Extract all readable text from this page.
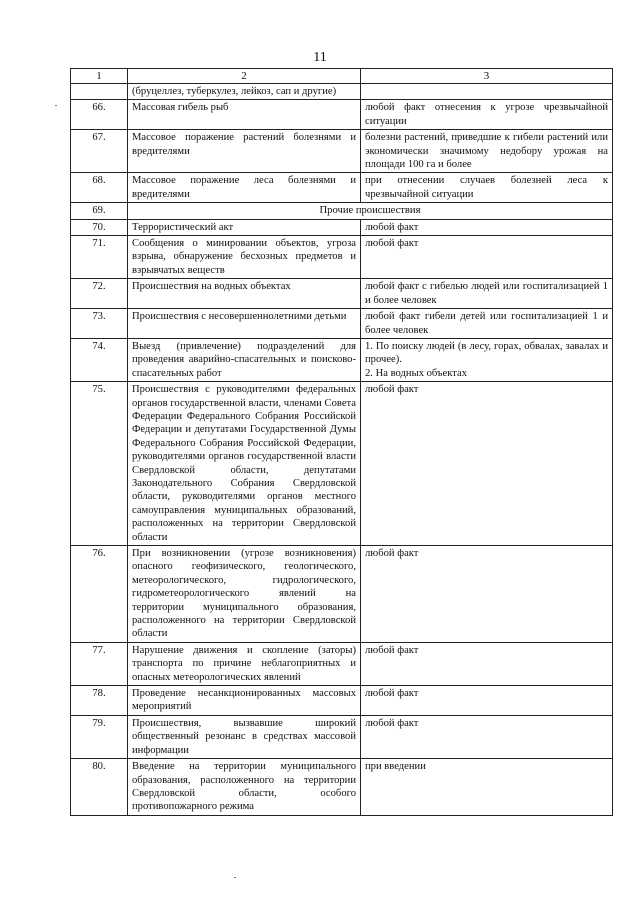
11
1	2	3
	(бруцеллез, туберкулез, лейкоз, сап и другие)	
66.	Массовая гибель рыб	любой факт отнесения к угрозе чрезвычайной ситуации
67.	Массовое поражение растений болезнями и вредителями	болезни растений, приведшие к гибели растений или экономически значимому недобору урожая на площади 100 га и более
68.	Массовое поражение леса болезнями и вредителями	при отнесении случаев болезней леса к чрезвычайной ситуации
69.	Прочие происшествия	
70.	Террористический акт	любой факт
71.	Сообщения о минировании объектов, угроза взрыва, обнаружение бесхозных предметов и взрывчатых веществ	любой факт
72.	Происшествия на водных объектах	любой факт с гибелью людей или госпитализацией 1 и более человек
73.	Происшествия с несовершеннолетними детьми	любой факт гибели детей или госпитализацией 1 и более человек
74.	Выезд (привлечение) подразделений для проведения аварийно-спасательных и поисково-спасательных работ	1. По поиску людей (в лесу, горах, обвалах, завалах и прочее).
2. На водных объектах
75.	Происшествия с руководителями федеральных органов государственной власти, членами Совета Федерации Федерального Собрания Российской Федерации и депутатами Государственной Думы Федерального Собрания Российской Федерации, руководителями органов государственной власти Свердловской области, депутатами Законодательного Собрания Свердловской области, руководителями органов местного самоуправления муниципальных образований, расположенных на территории Свердловской области	любой факт
76.	При возникновении (угрозе возникновения) опасного геофизического, геологического, метеорологического, гидрологического, гидрометеорологического явлений на территории муниципального образования, расположенного на территории Свердловской области	любой факт
77.	Нарушение движения и скопление (заторы) транспорта по причине неблагоприятных и опасных метеорологических явлений	любой факт
78.	Проведение несанкционированных массовых мероприятий	любой факт
79.	Происшествия, вызвавшие широкий общественный резонанс в средствах массовой информации	любой факт
80.	Введение на территории муниципального образования, расположенного на территории Свердловской области, особого противопожарного режима	при введении
